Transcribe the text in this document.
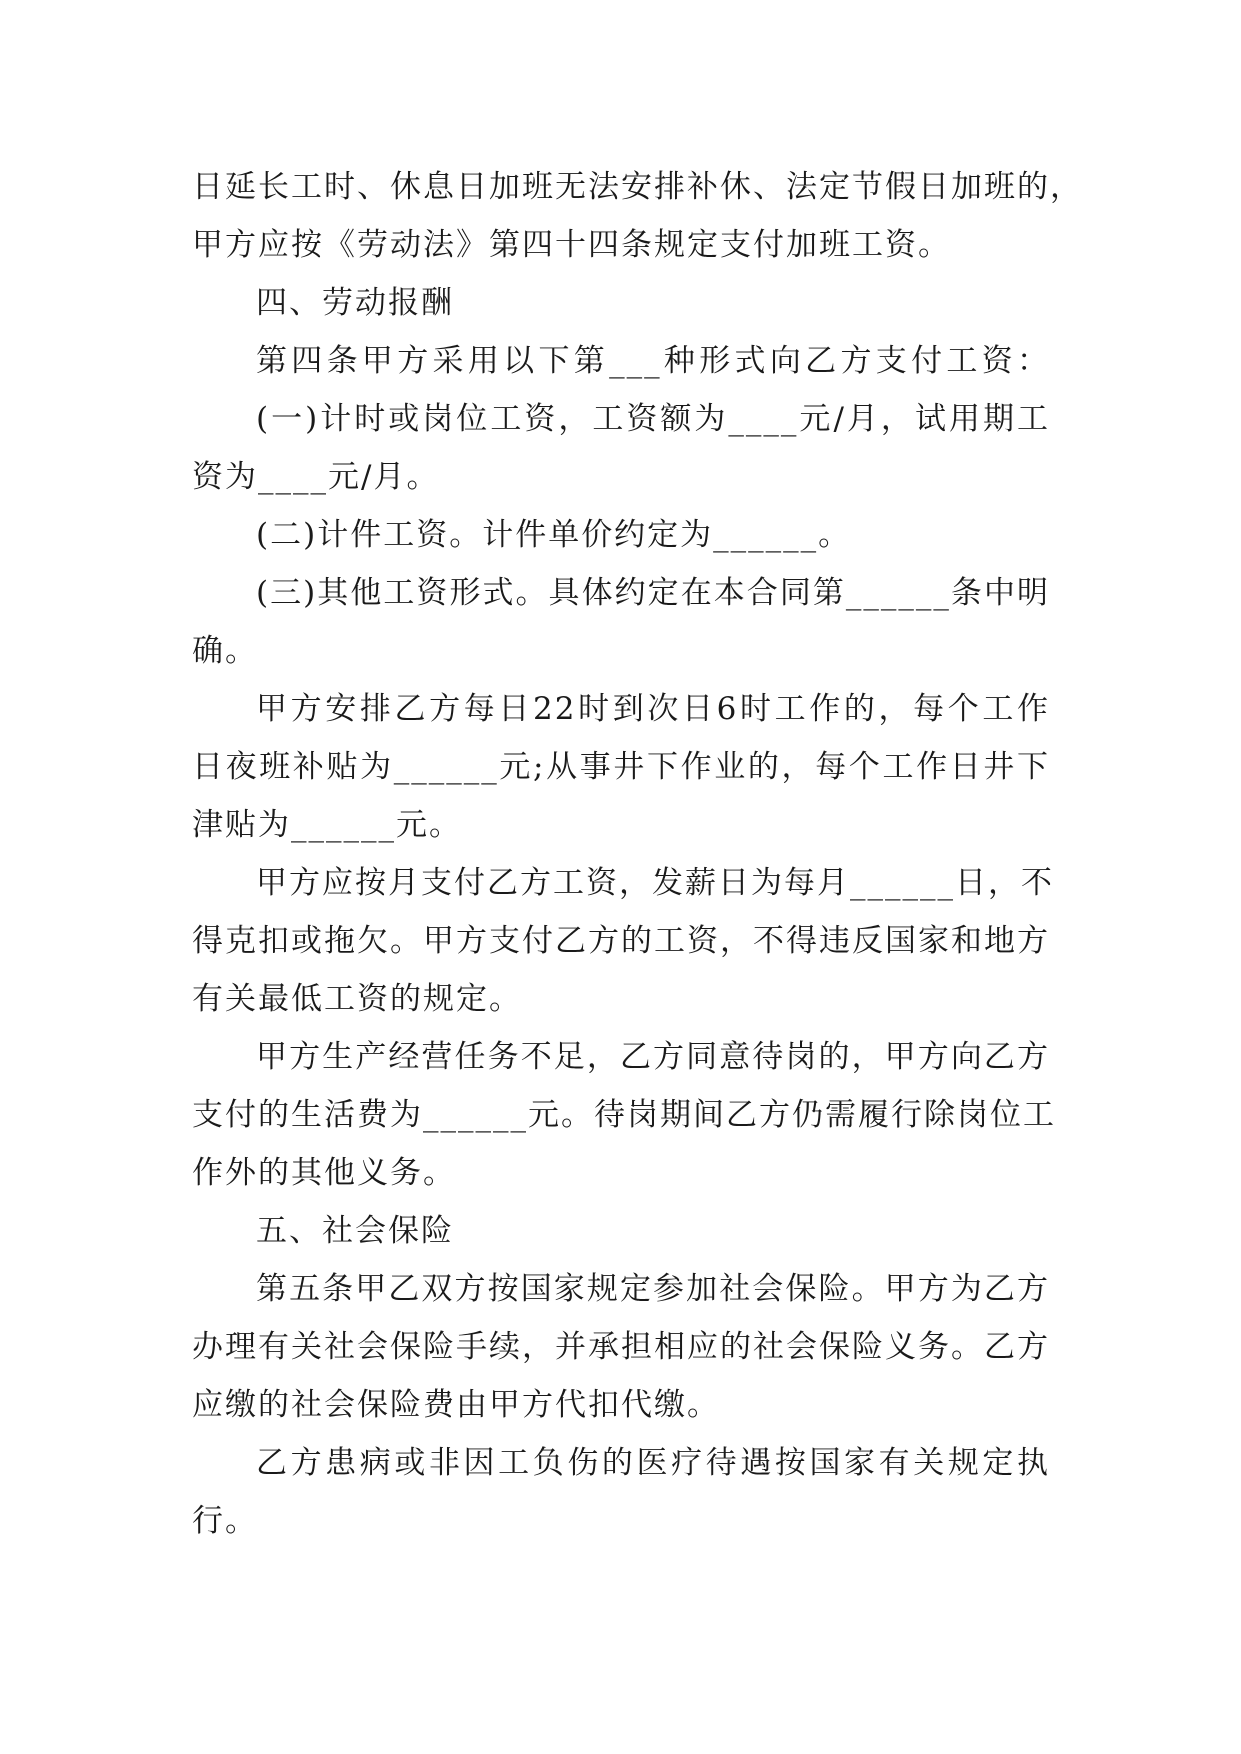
日延长工时、休息日加班无法安排补休、法定节假日加班的，
甲方应按《劳动法》第四十四条规定支付加班工资。
四、劳动报酬
第四条甲方采用以下第___种形式向乙方支付工资：
(一)计时或岗位工资，工资额为____元/月，试用期工
资为____元/月。
(二)计件工资。计件单价约定为______。
(三)其他工资形式。具体约定在本合同第______条中明
确。
甲方安排乙方每日22时到次日6时工作的，每个工作
日夜班补贴为______元;从事井下作业的，每个工作日井下
津贴为______元。
甲方应按月支付乙方工资，发薪日为每月______日，不
得克扣或拖欠。甲方支付乙方的工资，不得违反国家和地方
有关最低工资的规定。
甲方生产经营任务不足，乙方同意待岗的，甲方向乙方
支付的生活费为______元。待岗期间乙方仍需履行除岗位工
作外的其他义务。
五、社会保险
第五条甲乙双方按国家规定参加社会保险。甲方为乙方
办理有关社会保险手续，并承担相应的社会保险义务。乙方
应缴的社会保险费由甲方代扣代缴。
乙方患病或非因工负伤的医疗待遇按国家有关规定执
行。
